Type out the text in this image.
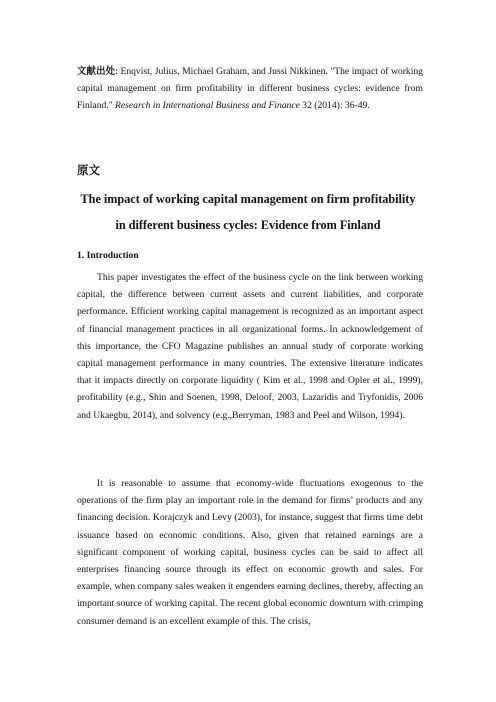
文献出处: Enqvist, Julius, Michael Graham, and Jussi Nikkinen. "The impact of working capital management on firm profitability in different business cycles: evidence from Finland." Research in International Business and Finance 32 (2014): 36-49.
原文
The impact of working capital management on firm profitability
in different business cycles: Evidence from Finland
1. Introduction

This paper investigates the effect of the business cycle on the link between working capital, the difference between current assets and current liabilities, and corporate performance. Efficient working capital management is recognized as an important aspect of financial management practices in all organizational forms. In acknowledgement of this importance, the CFO Magazine publishes an annual study of corporate working capital management performance in many countries. The extensive literature indicates that it impacts directly on corporate liquidity ( Kim et al., 1998 and Opler et al., 1999), profitability (e.g., Shin and Soenen, 1998, Deloof, 2003, Lazaridis and Tryfonidis, 2006 and Ukaegbu, 2014), and solvency (e.g.,Berryman, 1983 and Peel and Wilson, 1994).

It is reasonable to assume that economy-wide fluctuations exogenous to the operations of the firm play an important role in the demand for firms’ products and any financing decision. Korajczyk and Levy (2003), for instance, suggest that firms time debt issuance based on economic conditions. Also, given that retained earnings are a significant component of working capital, business cycles can be said to affect all enterprises financing source through its effect on economic growth and sales. For example, when company sales weaken it engenders earning declines, thereby, affecting an important source of working capital. The recent global economic downturn with crimping consumer demand is an excellent example of this. The crisis,
